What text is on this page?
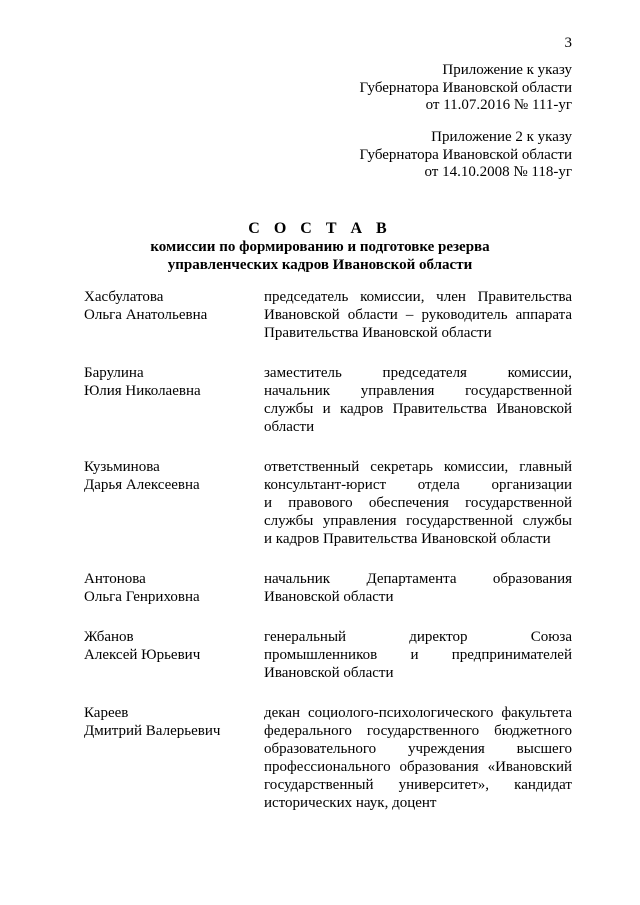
3
Приложение к указу
Губернатора Ивановской области
от 11.07.2016 № 111-уг
Приложение 2 к указу
Губернатора Ивановской области
от 14.10.2008 № 118-уг
С О С Т А В
комиссии по формированию и подготовке резерва
управленческих кадров Ивановской области
Хасбулатова
Ольга Анатольевна
председатель комиссии, член Правительства
Ивановской области – руководитель аппарата
Правительства Ивановской области
Барулина
Юлия Николаевна
заместитель председателя комиссии,
начальник управления государственной
службы и кадров Правительства Ивановской
области
Кузьминова
Дарья Алексеевна
ответственный секретарь комиссии, главный
консультант-юрист отдела организации
и правового обеспечения государственной
службы управления государственной службы
и кадров Правительства Ивановской области
Антонова
Ольга Генриховна
начальник Департамента образования
Ивановской области
Жбанов
Алексей Юрьевич
генеральный директор Союза
промышленников и предпринимателей
Ивановской области
Кареев
Дмитрий Валерьевич
декан социолого-психологического факультета
федерального государственного бюджетного
образовательного учреждения высшего
профессионального образования «Ивановский
государственный университет», кандидат
исторических наук, доцент
